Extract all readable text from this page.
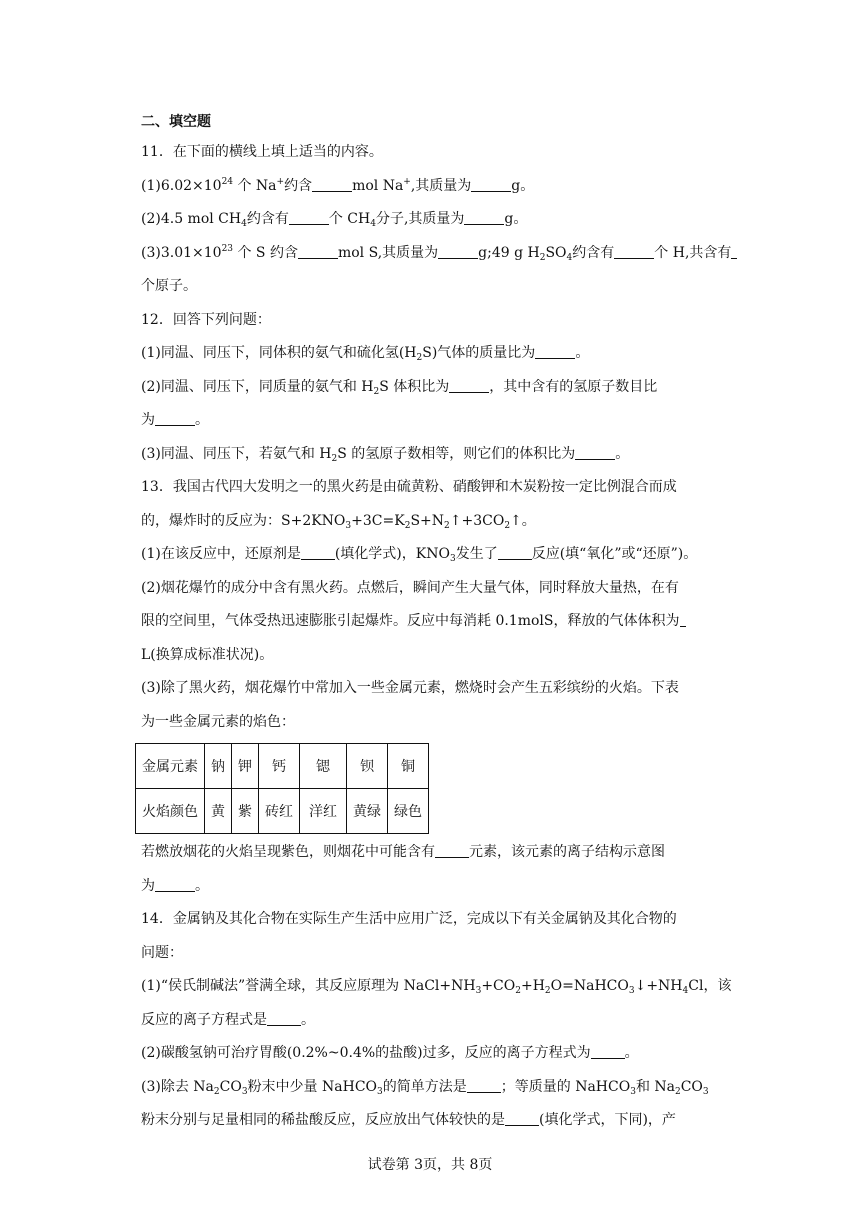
二、填空题
11．在下面的横线上填上适当的内容。
$(1)6.02\times 10^{24}$ 个 Na+约含	mol Na+,其质量为	g。
(2)4.5 mol $CH_4$约含有	个 $CH_4$分子,其质量为	g。
$(3)3.01\times 10^{23}$ 个 S 约含	mol S,其质量为	g;49 g $H_2SO_4$约含有	个 H,共含有
个原子。
12．回答下列问题：
(1)同温、同压下，同体积的氨气和硫化氢$(H_2S)$气体的质量比为	。
(2)同温、同压下，同质量的氨气和 $H_2S$ 体积比为	，其中含有的氢原子数目比
为	。
(3)同温、同压下，若氨气和 $H_2S$ 的氢原子数相等，则它们的体积比为	。
13．我国古代四大发明之一的黑火药是由硫黄粉、硝酸钾和木炭粉按一定比例混合而成
的，爆炸时的反应为：$S+2KNO_3+3C=K_2S+N_2↑+3CO_2↑$。
(1)在该反应中，还原剂是 (填化学式)，$KNO_3$发生了 反应(填“氧化”或“还原”)。
(2)烟花爆竹的成分中含有黑火药。点燃后，瞬间产生大量气体，同时释放大量热，在有
限的空间里，气体受热迅速膨胀引起爆炸。反应中每消耗 0.1molS，释放的气体体积为
L(换算成标准状况)。
(3)除了黑火药，烟花爆竹中常加入一些金属元素，燃烧时会产生五彩缤纷的火焰。下表
为一些金属元素的焰色：
金属元素	钠	钾	钙	锶	钡	铜
火焰颜色	黄	紫	砖红	洋红	黄绿	绿色
若燃放烟花的火焰呈现紫色，则烟花中可能含有 元素，该元素的离子结构示意图
为	。
14．金属钠及其化合物在实际生产生活中应用广泛，完成以下有关金属钠及其化合物的
问题：
(1)“侯氏制碱法”誉满全球，其反应原理为 $NaCl+NH_3+CO_2+H_2O=NaHCO_3↓+NH_4Cl$，该
反应的离子方程式是 。
(2)碳酸氢钠可治疗胃酸(0.2%~0.4%的盐酸)过多，反应的离子方程式为 。
(3)除去 $Na_2CO_3$粉末中少量 NaHCO$_3$的简单方法是 ；等质量的 NaHCO$_3$和 $Na_2CO_3$
粉末分别与足量相同的稀盐酸反应，反应放出气体较快的是 (填化学式，下同)，产
试卷第 3页，共 8页
